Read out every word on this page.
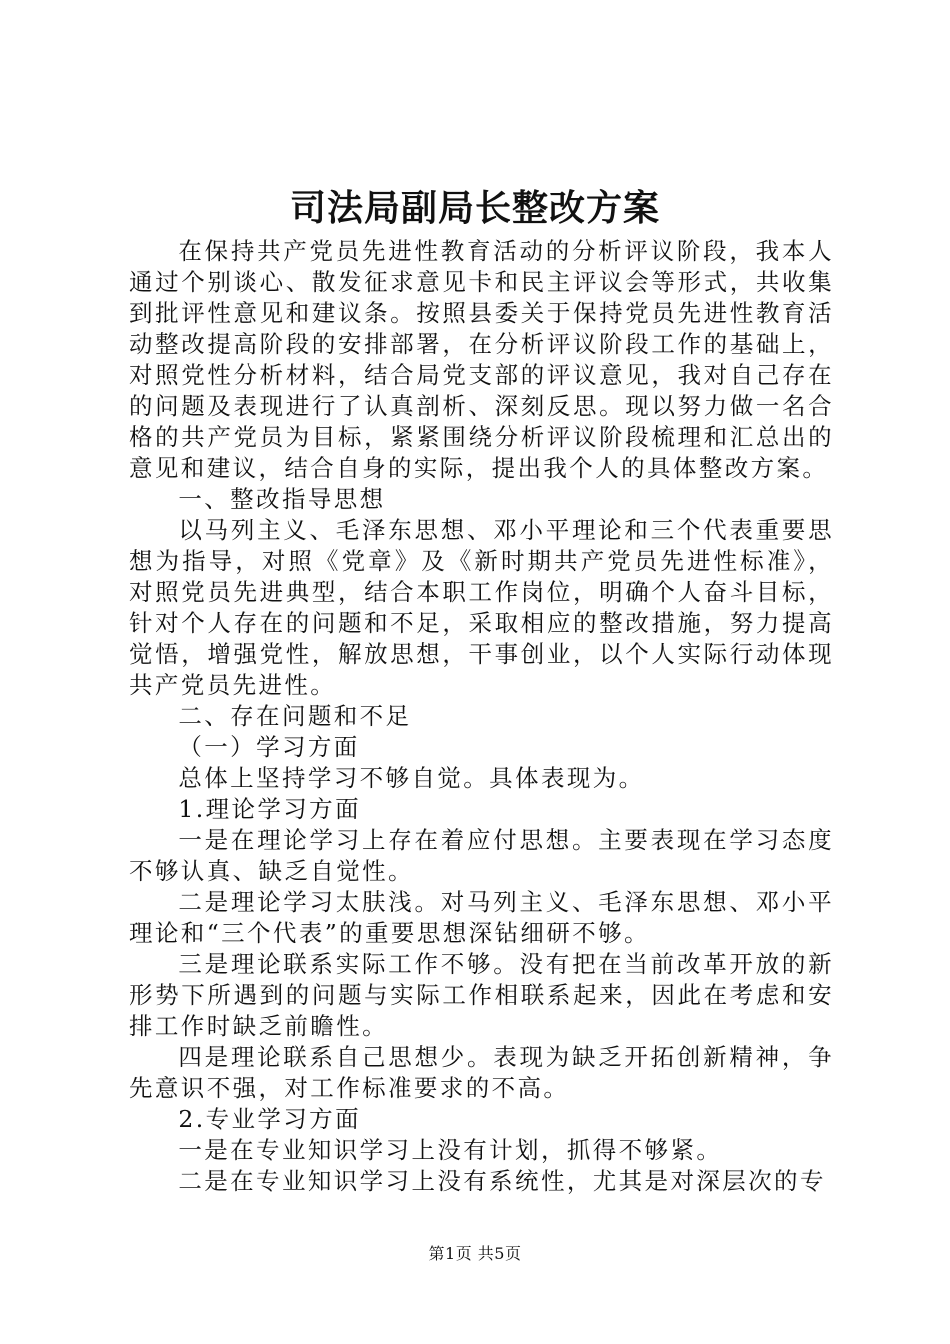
司法局副局长整改方案

在保持共产党员先进性教育活动的分析评议阶段，我本人通过个别谈心、散发征求意见卡和民主评议会等形式，共收集到批评性意见和建议条。按照县委关于保持党员先进性教育活动整改提高阶段的安排部署，在分析评议阶段工作的基础上，对照党性分析材料，结合局党支部的评议意见，我对自己存在的问题及表现进行了认真剖析、深刻反思。现以努力做一名合格的共产党员为目标，紧紧围绕分析评议阶段梳理和汇总出的意见和建议，结合自身的实际，提出我个人的具体整改方案。

一、整改指导思想

以马列主义、毛泽东思想、邓小平理论和三个代表重要思想为指导，对照《党章》及《新时期共产党员先进性标准》，对照党员先进典型，结合本职工作岗位，明确个人奋斗目标，针对个人存在的问题和不足，采取相应的整改措施，努力提高觉悟，增强党性，解放思想，干事创业，以个人实际行动体现共产党员先进性。

二、存在问题和不足

（一）学习方面

总体上坚持学习不够自觉。具体表现为。

1.理论学习方面

一是在理论学习上存在着应付思想。主要表现在学习态度不够认真、缺乏自觉性。

二是理论学习太肤浅。对马列主义、毛泽东思想、邓小平理论和“三个代表”的重要思想深钻细研不够。

三是理论联系实际工作不够。没有把在当前改革开放的新形势下所遇到的问题与实际工作相联系起来，因此在考虑和安排工作时缺乏前瞻性。

四是理论联系自己思想少。表现为缺乏开拓创新精神，争先意识不强，对工作标准要求的不高。

2.专业学习方面

一是在专业知识学习上没有计划，抓得不够紧。

二是在专业知识学习上没有系统性，尤其是对深层次的专

第1页 共5页
